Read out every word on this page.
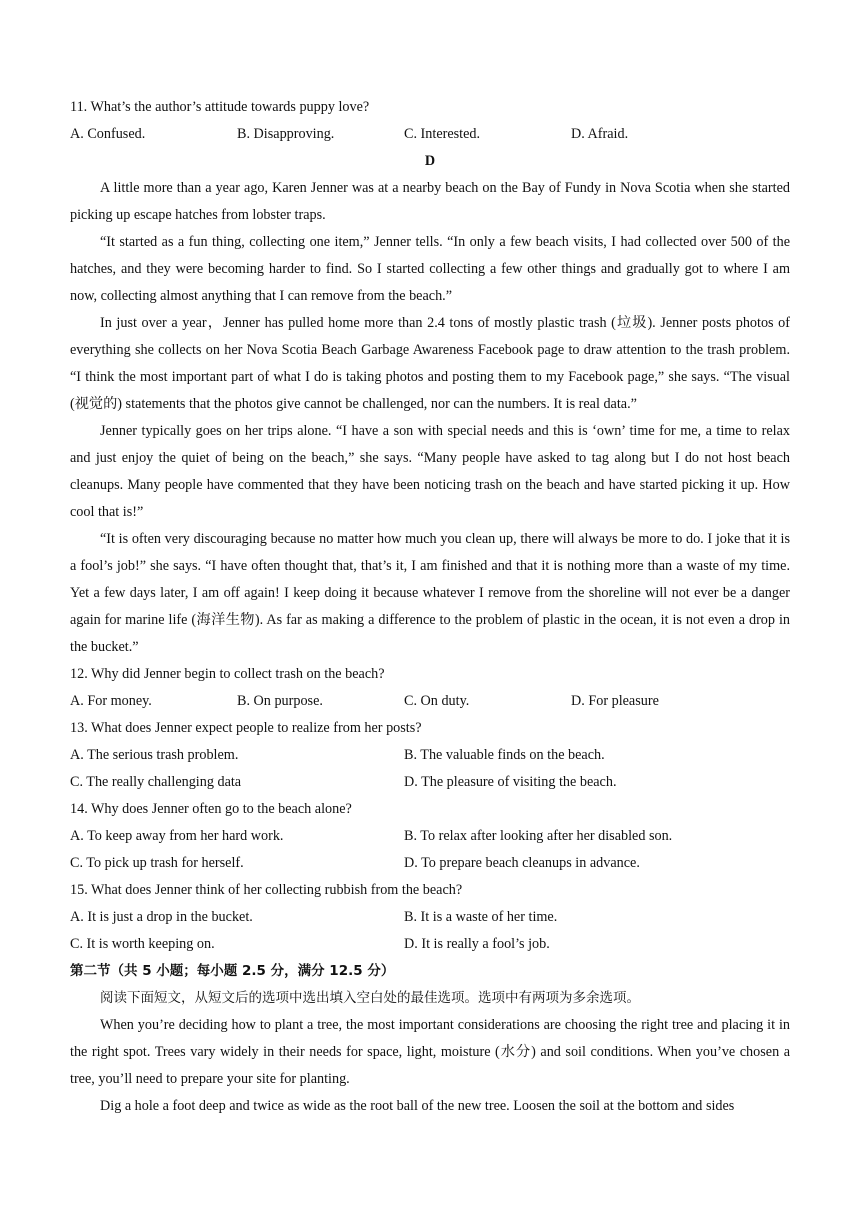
11. What’s the author’s attitude towards puppy love?
A. Confused.	B. Disapproving.	C. Interested.	D. Afraid.
D

A little more than a year ago, Karen Jenner was at a nearby beach on the Bay of Fundy in Nova Scotia when she started picking up escape hatches from lobster traps.

“It started as a fun thing, collecting one item,” Jenner tells. “In only a few beach visits, I had collected over 500 of the hatches, and they were becoming harder to find. So I started collecting a few other things and gradually got to where I am now, collecting almost anything that I can remove from the beach.”

In just over a year，Jenner has pulled home more than 2.4 tons of mostly plastic trash (垃圾). Jenner posts photos of everything she collects on her Nova Scotia Beach Garbage Awareness Facebook page to draw attention to the trash problem. “I think the most important part of what I do is taking photos and posting them to my Facebook page,” she says. “The visual (视觉的) statements that the photos give cannot be challenged, nor can the numbers. It is real data.”

Jenner typically goes on her trips alone. “I have a son with special needs and this is ‘own’ time for me, a time to relax and just enjoy the quiet of being on the beach,” she says. “Many people have asked to tag along but I do not host beach cleanups. Many people have commented that they have been noticing trash on the beach and have started picking it up. How cool that is!”

“It is often very discouraging because no matter how much you clean up, there will always be more to do. I joke that it is a fool’s job!” she says. “I have often thought that, that’s it, I am finished and that it is nothing more than a waste of my time. Yet a few days later, I am off again! I keep doing it because whatever I remove from the shoreline will not ever be a danger again for marine life (海洋生物). As far as making a difference to the problem of plastic in the ocean, it is not even a drop in the bucket.”

12. Why did Jenner begin to collect trash on the beach?
A. For money.	B. On purpose.	C. On duty.	D. For pleasure
13. What does Jenner expect people to realize from her posts?
A. The serious trash problem.	B. The valuable finds on the beach.
C. The really challenging data	D. The pleasure of visiting the beach.
14. Why does Jenner often go to the beach alone?
A. To keep away from her hard work.	B. To relax after looking after her disabled son.
C. To pick up trash for herself.	D. To prepare beach cleanups in advance.
15. What does Jenner think of her collecting rubbish from the beach?
A. It is just a drop in the bucket.	B. It is a waste of her time.
C. It is worth keeping on.	D. It is really a fool’s job.
第二节（共 5 小题；每小题 2.5 分，满分 12.5 分）
阅读下面短文，从短文后的选项中选出填入空白处的最佳选项。选项中有两项为多余选项。

When you’re deciding how to plant a tree, the most important considerations are choosing the right tree and placing it in the right spot. Trees vary widely in their needs for space, light, moisture (水分) and soil conditions. When you’ve chosen a tree, you’ll need to prepare your site for planting.

Dig a hole a foot deep and twice as wide as the root ball of the new tree. Loosen the soil at the bottom and sides
